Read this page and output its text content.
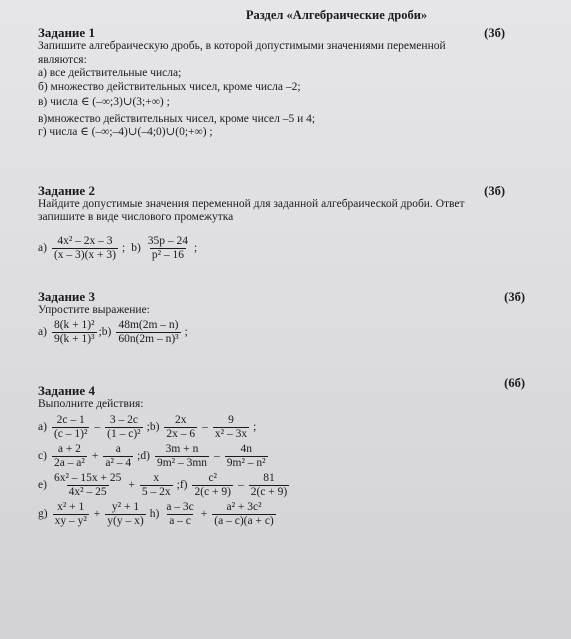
Раздел «Алгебраические дроби»
Задание 1	(3б)
Запишите алгебраическую дробь, в которой допустимыми значениями переменной
являются:
а) все действительные числа;
б) множество действительных чисел, кроме числа –2;
в) числа ∈ (–∞;3)∪(3;+∞) ;
в)множество действительных чисел, кроме чисел –5 и 4;
г) числа ∈ (–∞;–4)∪(–4;0)∪(0;+∞) ;
Задание 2	(3б)
Найдите допустимые значения переменной для заданной алгебраической дроби. Ответ
запишите в виде числового промежутка
$а) \frac{\text{4x² – 2x – 3}}{(x - 3)(x + 3)}$ ; $b) \frac{35p - 24}{\text{p² – 16}}$ ;
Задание 3	(3б)
Упростите выражение:
$а) \frac{\text{8(k + 1)²}}{\text{9(k + 1)³}}$ ;b) $\frac{48m(2m - n)}{\text{60n(2m – n)³}}$ ;
(6б)
Задание 4
Выполните действия:
$а) \frac{2c - 1}{\text{(c – 1)²}} - \frac{3 - 2c}{\text{(1 – c)²}}$ ;b) $\frac{2x}{2x - 6} - \frac{9}{\text{x² – 3x}}$ ;
$c) \frac{a + 2}{\text{2a – a²}} + \frac{a}{\text{a² – 4}}$ ;d) $\frac{3m + n}{\text{9m² – 3mn}} - \frac{4n}{\text{9m² – n²}}$
$e) \frac{\text{6x² – 15x + 25}}{\text{4x² – 25}} + \frac{x}{5 - 2x}$ ;f) $\frac{\text{c²}}{2(c + 9)} - \frac{81}{2(c + 9)}$
$g) \frac{\text{x² + 1}}{\text{xy – y²}} + \frac{\text{y² + 1}}{y(y - x)} h) \frac{a - 3c}{a - c} + \frac{\text{a² + 3c²}}{(a - c)(a + c)}$
